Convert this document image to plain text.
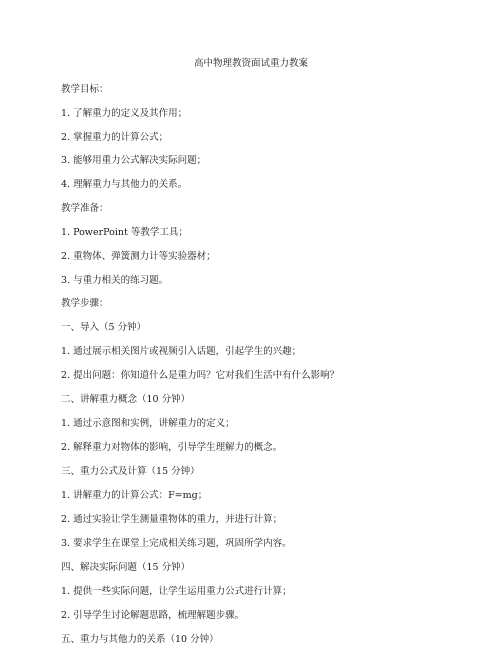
高中物理教资面试重力教案
教学目标：
1. 了解重力的定义及其作用；
2. 掌握重力的计算公式；
3. 能够用重力公式解决实际问题；
4. 理解重力与其他力的关系。
教学准备：
1. PowerPoint 等教学工具；
2. 重物体、弹簧测力计等实验器材；
3. 与重力相关的练习题。
教学步骤：
一、导入（5 分钟）
1. 通过展示相关图片或视频引入话题，引起学生的兴趣；
2. 提出问题：你知道什么是重力吗？它对我们生活中有什么影响？
二、讲解重力概念（10 分钟）
1. 通过示意图和实例，讲解重力的定义；
2. 解释重力对物体的影响，引导学生理解力的概念。
三、重力公式及计算（15 分钟）
1. 讲解重力的计算公式：F=mg；
2. 通过实验让学生测量重物体的重力，并进行计算；
3. 要求学生在课堂上完成相关练习题，巩固所学内容。
四、解决实际问题（15 分钟）
1. 提供一些实际问题，让学生运用重力公式进行计算；
2. 引导学生讨论解题思路，梳理解题步骤。
五、重力与其他力的关系（10 分钟）
